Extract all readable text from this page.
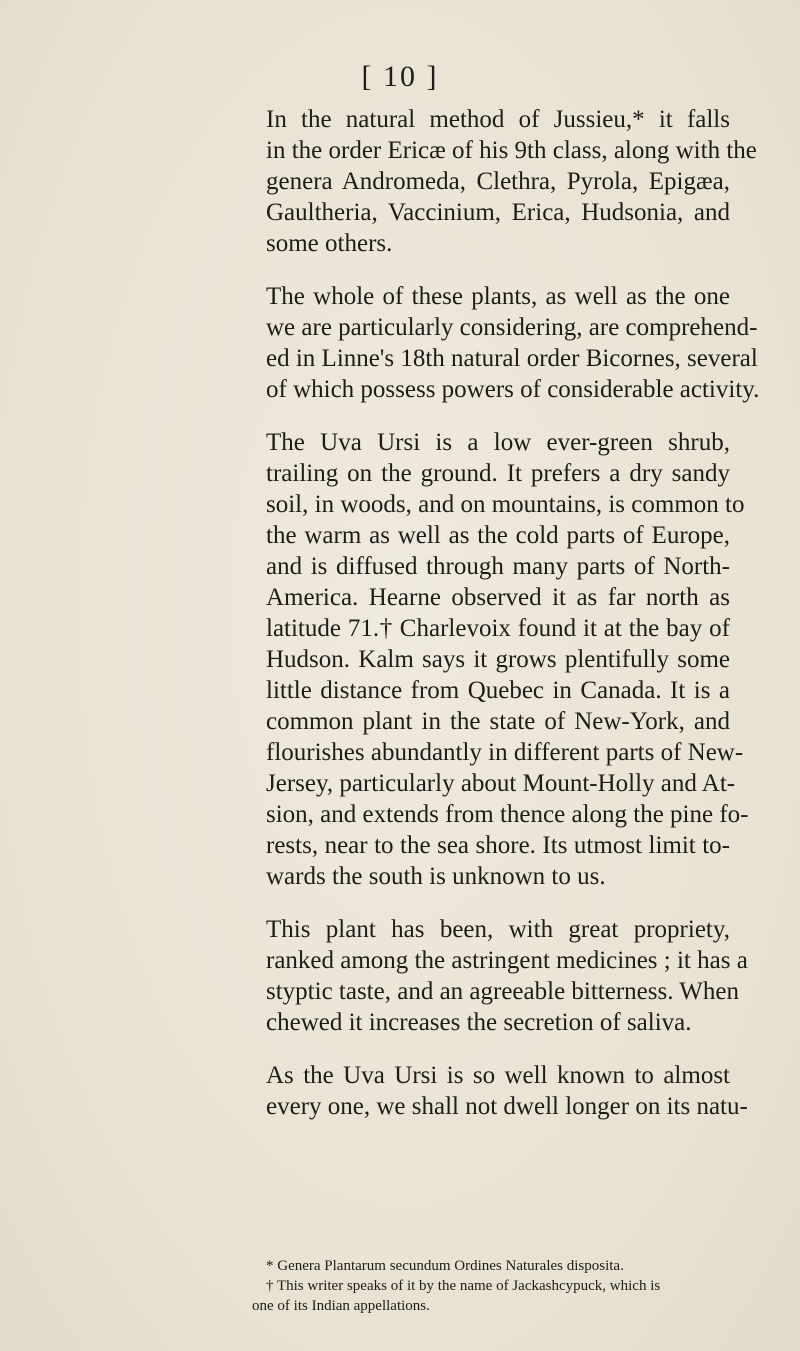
[ 10 ]

In the natural method of Jussieu,* it falls
in the order Ericæ of his 9th class, along with the
genera Andromeda, Clethra, Pyrola, Epigæa,
Gaultheria, Vaccinium, Erica, Hudsonia, and
some others.

The whole of these plants, as well as the one
we are particularly considering, are comprehend-
ed in Linne's 18th natural order Bicornes, several
of which possess powers of considerable activity.

The Uva Ursi is a low ever-green shrub,
trailing on the ground. It prefers a dry sandy
soil, in woods, and on mountains, is common to
the warm as well as the cold parts of Europe,
and is diffused through many parts of North-
America. Hearne observed it as far north as
latitude 71.† Charlevoix found it at the bay of
Hudson. Kalm says it grows plentifully some
little distance from Quebec in Canada. It is a
common plant in the state of New-York, and
flourishes abundantly in different parts of New-
Jersey, particularly about Mount-Holly and At-
sion, and extends from thence along the pine fo-
rests, near to the sea shore. Its utmost limit to-
wards the south is unknown to us.

This plant has been, with great propriety,
ranked among the astringent medicines ; it has a
styptic taste, and an agreeable bitterness. When
chewed it increases the secretion of saliva.

As the Uva Ursi is so well known to almost
every one, we shall not dwell longer on its natu-

* Genera Plantarum secundum Ordines Naturales disposita.
† This writer speaks of it by the name of Jackashcypuck, which is
one of its Indian appellations.
